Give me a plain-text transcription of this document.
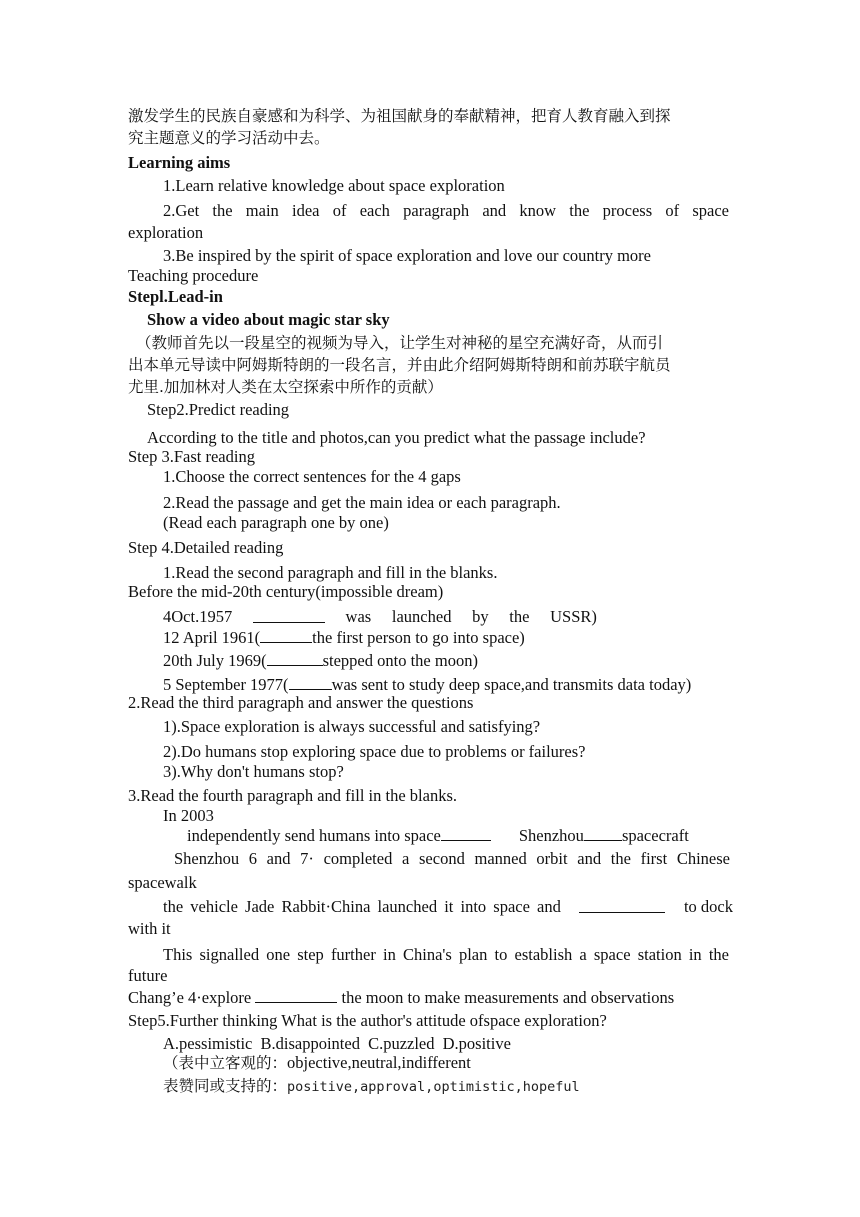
激发学生的民族自豪感和为科学、为祖国献身的奉献精神，把育人教育融入到探
究主题意义的学习活动中去。
Learning aims
1.Learn relative knowledge about space exploration
2.Get the main idea of each paragraph and know the process of space
exploration
3.Be inspired by the spirit of space exploration and love our country more
Teaching procedure
Stepl.Lead-in
Show a video about magic star sky
（教师首先以一段星空的视频为导入，让学生对神秘的星空充满好奇，从而引
出本单元导读中阿姆斯特朗的一段名言，并由此介绍阿姆斯特朗和前苏联宇航员
尤里.加加林对人类在太空探索中所作的贡献）
Step2.Predict reading
According to the title and photos,can you predict what the passage include?
Step 3.Fast reading
1.Choose the correct sentences for the 4 gaps
2.Read the passage and get the main idea or each paragraph.
(Read each paragraph one by one)
Step 4.Detailed reading
1.Read the second paragraph and fill in the blanks.
Before the mid-20th century(impossible dream)
4Oct.1957	was launched by the USSR)
12 April 1961(	the first person to go into space)
20th July 1969(	stepped onto the moon)
5 September 1977(	was sent to study deep space,and transmits data today)
2.Read the third paragraph and answer the questions
1).Space exploration is always successful and satisfying?
2).Do humans stop exploring space due to problems or failures?
3).Why don't humans stop?
3.Read the fourth paragraph and fill in the blanks.
In 2003
independently send humans into space	Shenzhou spacecraft
Shenzhou 6 and 7· completed a second manned orbit and the first Chinese
spacewalk
the vehicle Jade Rabbit·China launched it into space and	to dock
with it
This signalled one step further in China's plan to establish a space station in the
future
Chang’e 4·explore	the moon to make measurements and observations
Step5.Further thinking What is the author's attitude ofspace exploration?
A.pessimistic B.disappointed C.puzzled D.positive
（表中立客观的：objective,neutral,indifferent
表赞同或支持的：positive,approval,optimistic,hopeful
